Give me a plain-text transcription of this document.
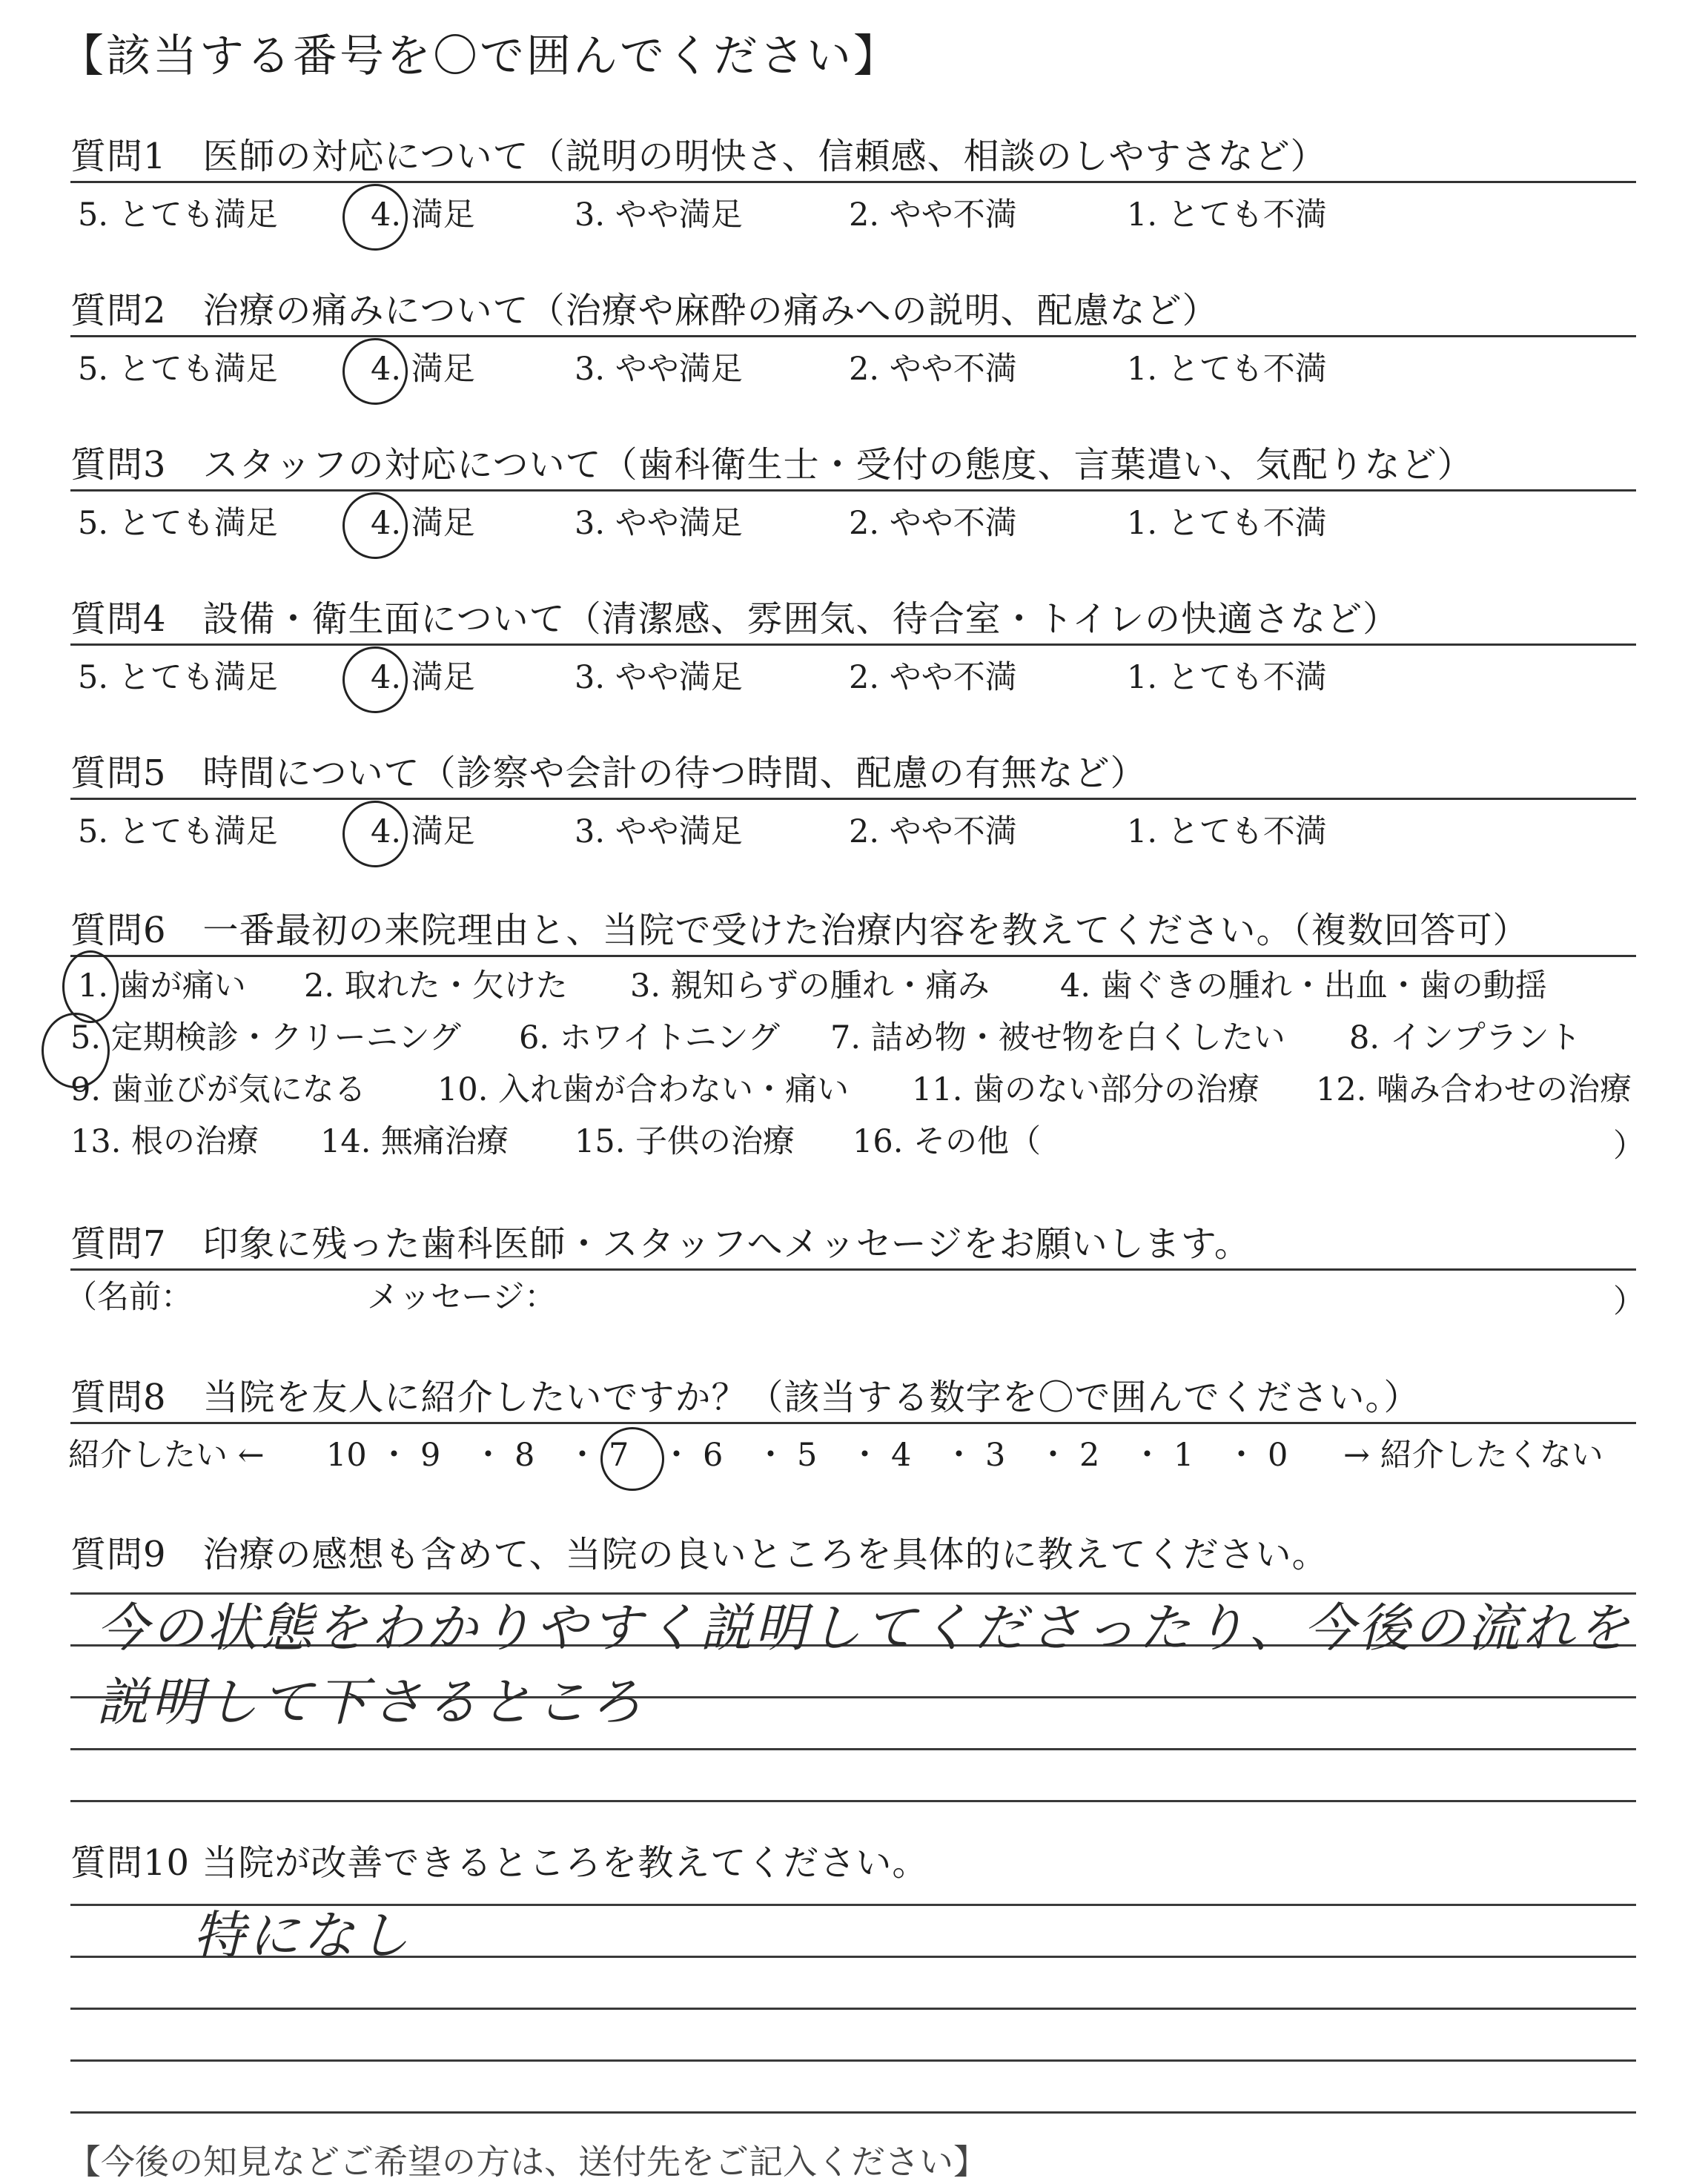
【該当する番号を〇で囲んでください】
質問1　医師の対応について（説明の明快さ、信頼感、相談のしやすさなど）
質問2　治療の痛みについて（治療や麻酔の痛みへの説明、配慮など）
質問3　スタッフの対応について（歯科衛生士・受付の態度、言葉遣い、気配りなど）
質問4　設備・衛生面について（清潔感、雰囲気、待合室・トイレの快適さなど）
質問5　時間について（診察や会計の待つ時間、配慮の有無など）
5. とても満足	4. 満足	3. やや満足	2. やや不満	1. とても不満
5. とても満足	4. 満足	3. やや満足	2. やや不満	1. とても不満
5. とても満足	4. 満足	3. やや満足	2. やや不満	1. とても不満
5. とても満足	4. 満足	3. やや満足	2. やや不満	1. とても不満
5. とても満足	4. 満足	3. やや満足	2. やや不満	1. とても不満
質問6　一番最初の来院理由と、当院で受けた治療内容を教えてください。（複数回答可）
1. 歯が痛い 2. 取れた・欠けた 3. 親知らずの腫れ・痛み 4. 歯ぐきの腫れ・出血・歯の動揺
5. 定期検診・クリーニング 6. ホワイトニング 7. 詰め物・被せ物を白くしたい 8. インプラント
9. 歯並びが気になる 10. 入れ歯が合わない・痛い 11. 歯のない部分の治療 12. 噛み合わせの治療
13. 根の治療 14. 無痛治療 15. 子供の治療 16. その他（	）
質問7　印象に残った歯科医師・スタッフへメッセージをお願いします。
（名前：	メッセージ：	）
質問8　当院を友人に紹介したいですか？（該当する数字を〇で囲んでください。）
紹介したい ← 10 ・ 9 ・ 8 ・ 7 ・ 6 ・ 5 ・ 4 ・ 3 ・ 2 ・ 1 ・ 0 → 紹介したくない
質問9　治療の感想も含めて、当院の良いところを具体的に教えてください。
今の状態をわかりやすく説明してくださったり、今後の流れを
説明して下さるところ
質問10 当院が改善できるところを教えてください。
特になし
【今後の知見などご希望の方は、送付先をご記入ください】
